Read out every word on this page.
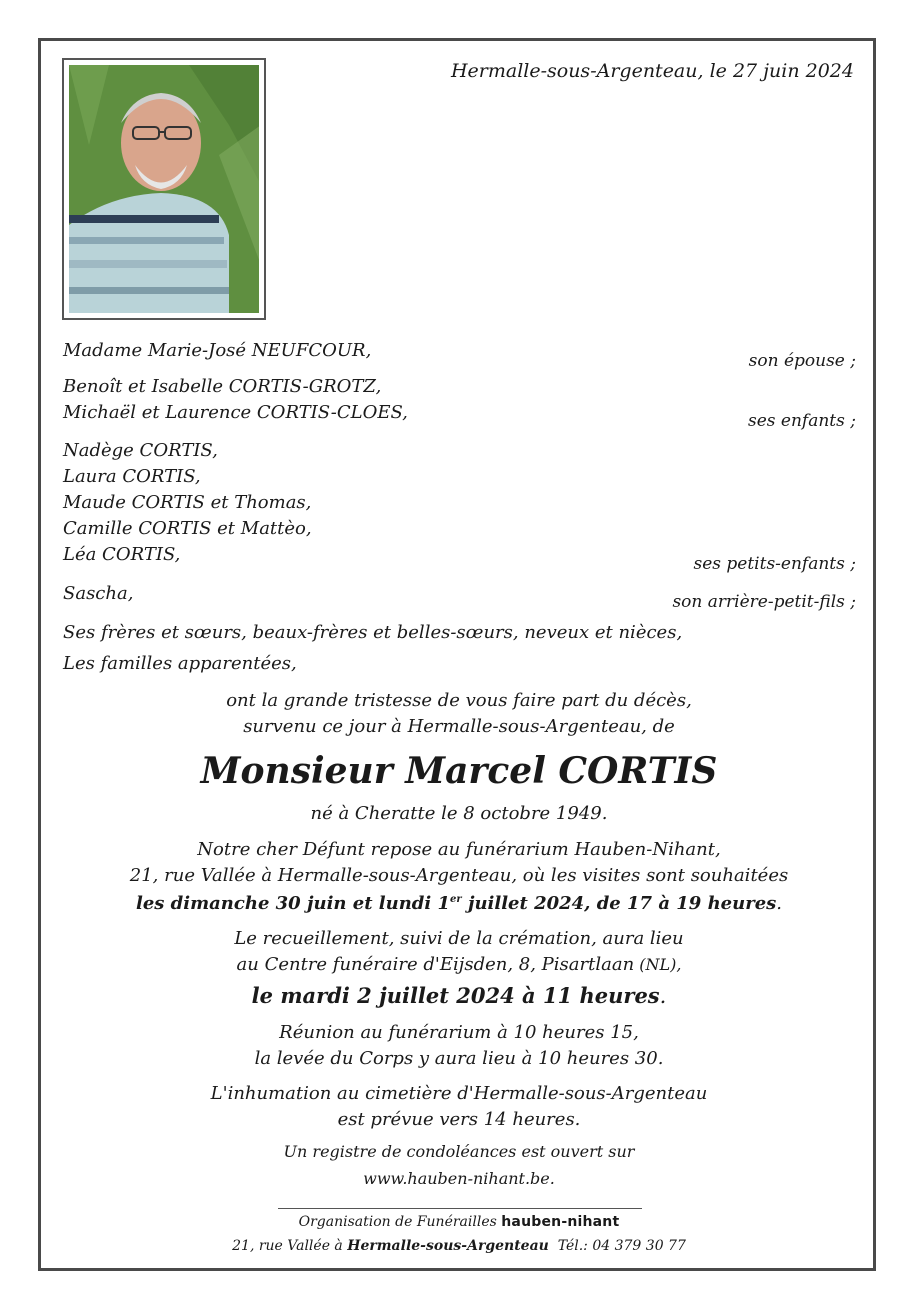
Hermalle-sous-Argenteau, le 27 juin 2024
Madame Marie-José NEUFCOUR,	son épouse ;
Benoît et Isabelle CORTIS-GROTZ,
Michaël et Laurence CORTIS-CLOES,	ses enfants ;
Nadège CORTIS,
Laura CORTIS,
Maude CORTIS et Thomas,
Camille CORTIS et Mattèo,
Léa CORTIS,	ses petits-enfants ;
Sascha,	son arrière-petit-fils ;
Ses frères et sœurs, beaux-frères et belles-sœurs, neveux et nièces,
Les familles apparentées,
ont la grande tristesse de vous faire part du décès,
survenu ce jour à Hermalle-sous-Argenteau, de
Monsieur Marcel CORTIS
né à Cheratte le 8 octobre 1949.
Notre cher Défunt repose au funérarium Hauben-Nihant,
21, rue Vallée à Hermalle-sous-Argenteau, où les visites sont souhaitées
les dimanche 30 juin et lundi 1er juillet 2024, de 17 à 19 heures.
Le recueillement, suivi de la crémation, aura lieu
au Centre funéraire d'Eijsden, 8, Pisartlaan (NL),
le mardi 2 juillet 2024 à 11 heures.
Réunion au funérarium à 10 heures 15,
la levée du Corps y aura lieu à 10 heures 30.
L'inhumation au cimetière d'Hermalle-sous-Argenteau
est prévue vers 14 heures.
Un registre de condoléances est ouvert sur
www.hauben-nihant.be.
Organisation de Funérailles hauben-nihant
21, rue Vallée à Hermalle-sous-Argenteau  Tél.: 04 379 30 77
